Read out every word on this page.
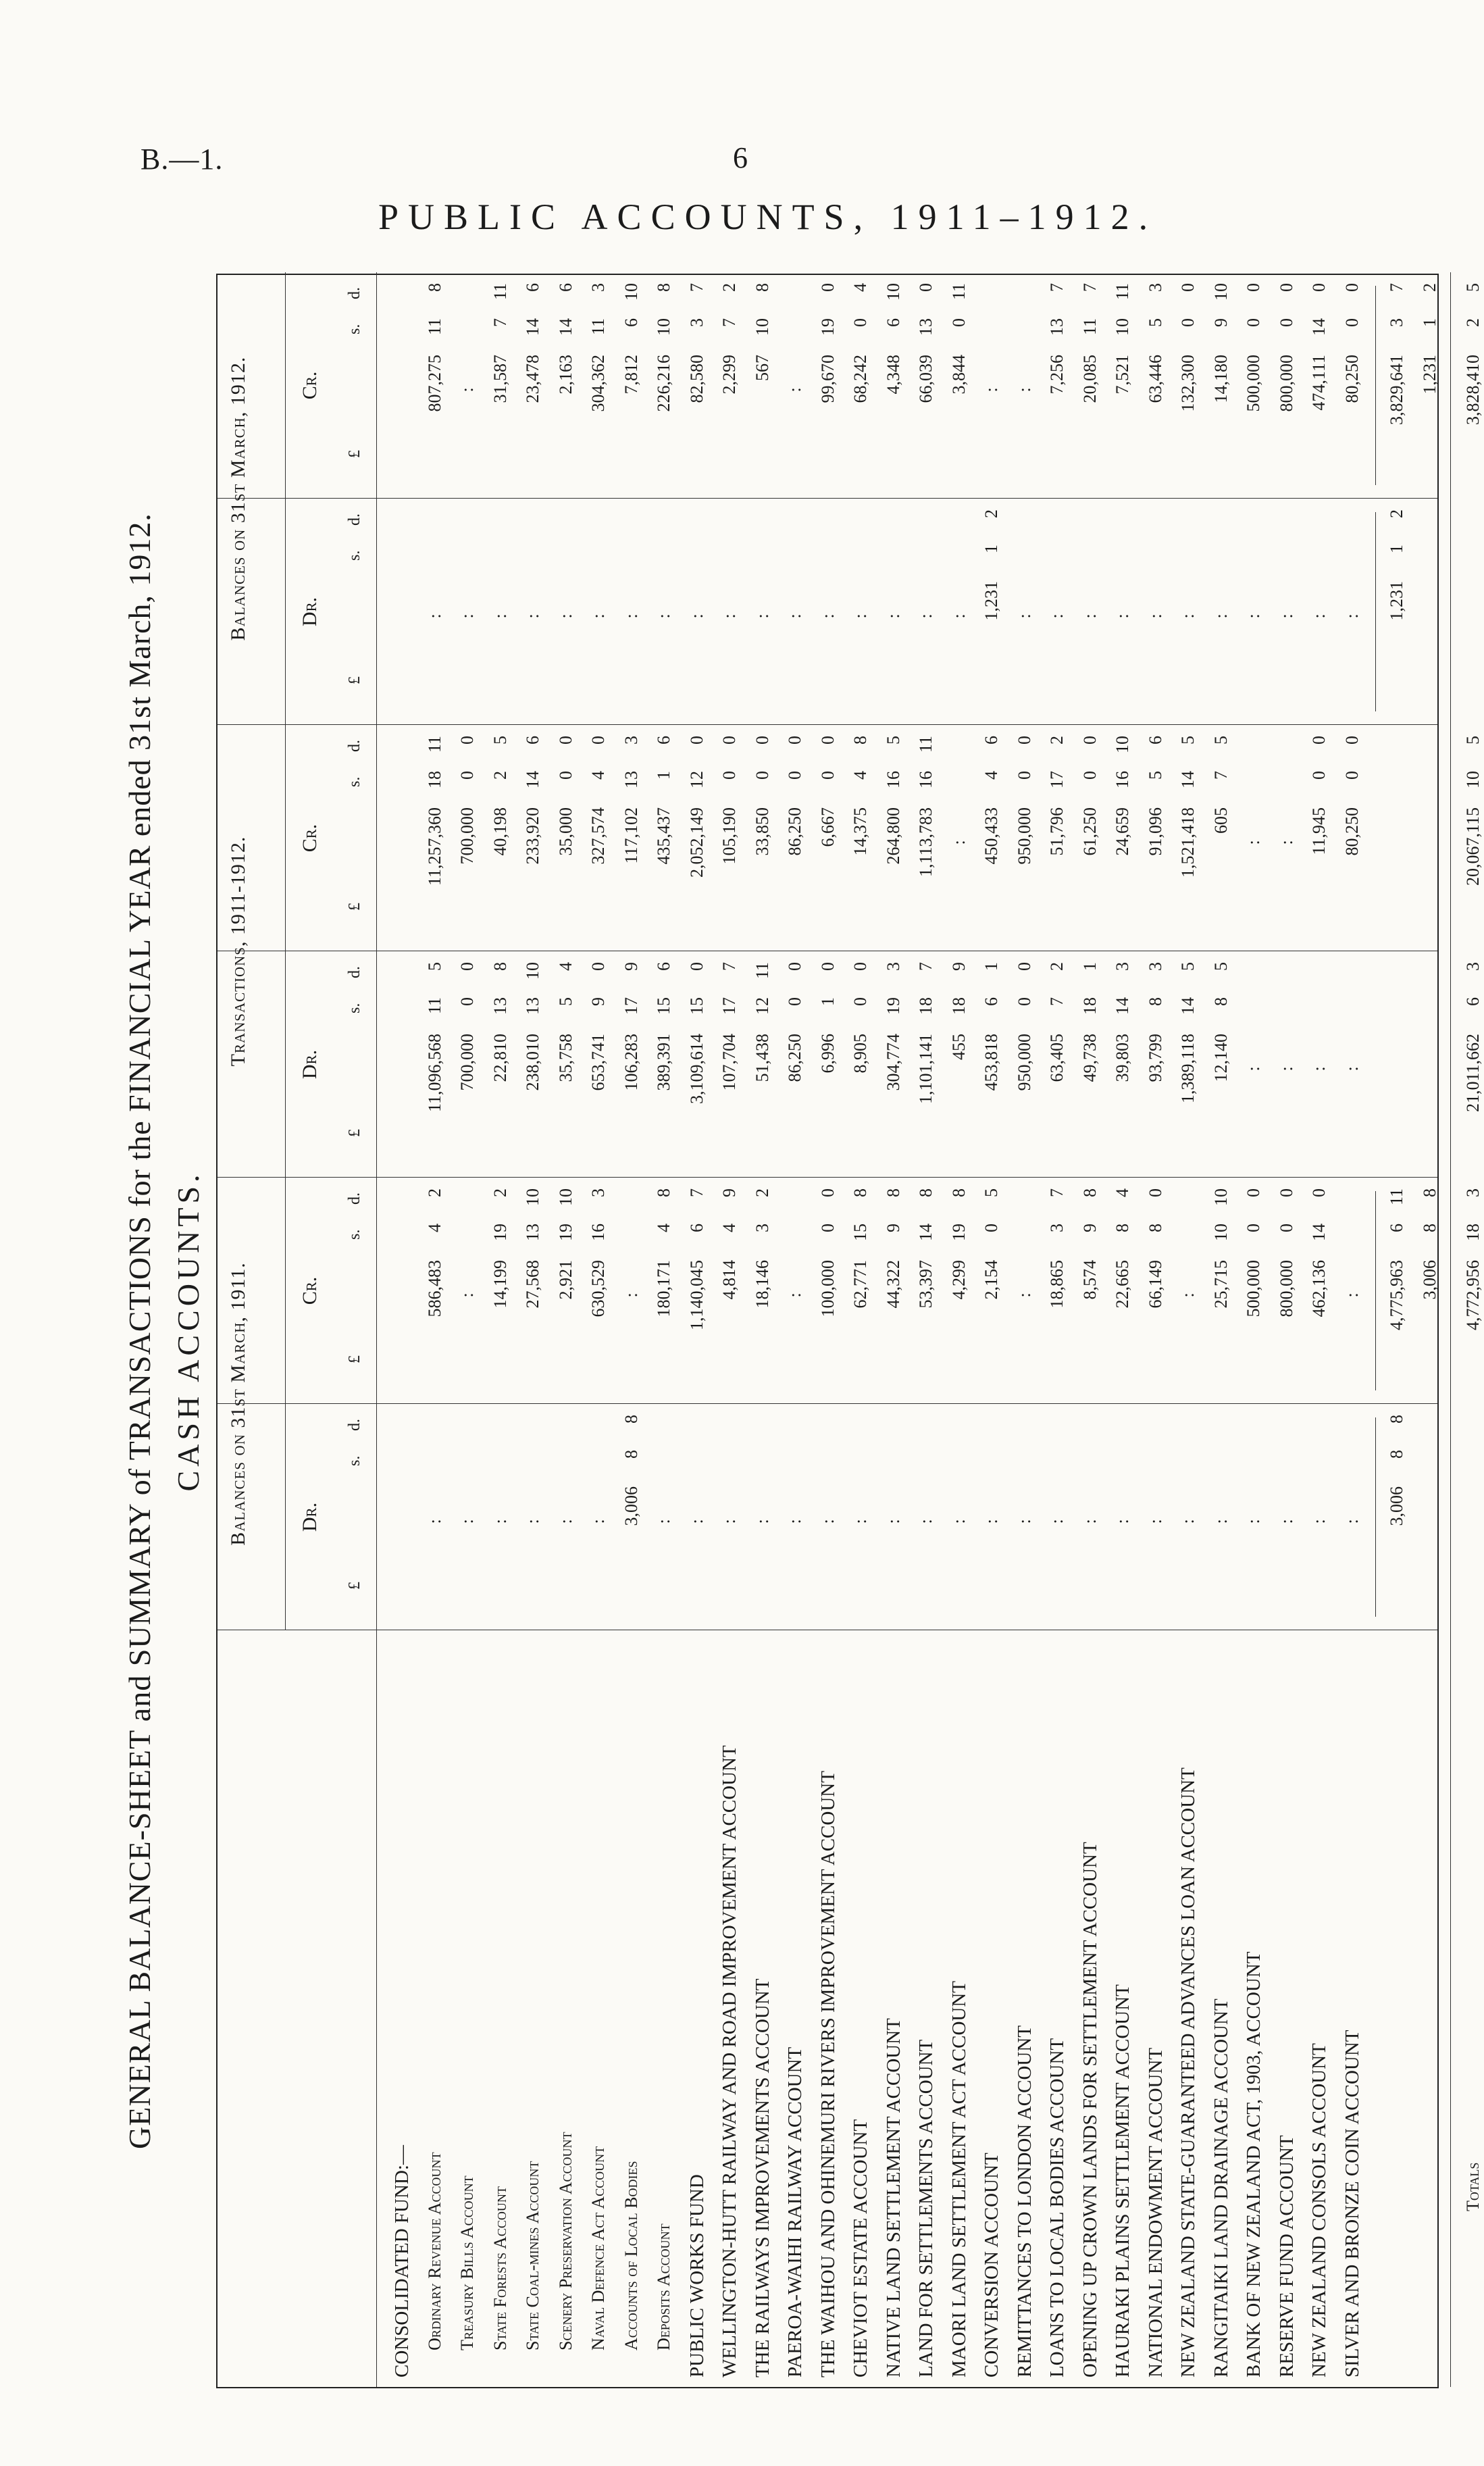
B.—1.	6
PUBLIC ACCOUNTS, 1911–1912.
GENERAL BALANCE-SHEET and SUMMARY of TRANSACTIONS for the FINANCIAL YEAR ended 31st March, 1912. CASH ACCOUNTS. Balances on 31st March, 1911.
Transactions, 1911-1912.
Balances on 31st March, 1912.
Dr.
Cr.
Dr.
Cr.
Dr.
Cr.
£
s.
d.
£
s.
d.
£
s.
d.
£
s.
d.
£
s.
d.
£
s.
d.
CONSOLIDATED FUND:— Ordinary Revenue Account
:
586,483
4
2
11,096,568
11
5
11,257,360
18
11
:
807,275
11
8
Treasury Bills Account
:
:
700,000
0
0
700,000
0
0
:
:
State Forests Account
:
14,199
19
2
22,810
13
8
40,198
2
5
:
31,587
7
11
State Coal-mines Account
:
27,568
13
10
238,010
13
10
233,920
14
6
:
23,478
14
6
Scenery Preservation Account
:
2,921
19
10
35,758
5
4
35,000
0
0
:
2,163
14
6
Naval Defence Act Account
:
630,529
16
3
653,741
9
0
327,574
4
0
:
304,362
11
3
Accounts of Local Bodies
3,006
8
8
:
106,283
17
9
117,102
13
3
:
7,812
6
10
Deposits Account
:
180,171
4
8
389,391
15
6
435,437
1
6
:
226,216
10
8
PUBLIC WORKS FUND
:
1,140,045
6
7
3,109,614
15
0
2,052,149
12
0
:
82,580
3
7
WELLINGTON-HUTT RAILWAY AND ROAD IMPROVEMENT ACCOUNT
:
4,814
4
9
107,704
17
7
105,190
0
0
:
2,299
7
2
THE RAILWAYS IMPROVEMENTS ACCOUNT
:
18,146
3
2
51,438
12
11
33,850
0
0
:
567
10
8
PAEROA-WAIHI RAILWAY ACCOUNT
:
:
86,250
0
0
86,250
0
0
:
:
THE WAIHOU AND OHINEMURI RIVERS IMPROVEMENT ACCOUNT
:
100,000
0
0
6,996
1
0
6,667
0
0
:
99,670
19
0
CHEVIOT ESTATE ACCOUNT
:
62,771
15
8
8,905
0
0
14,375
4
8
:
68,242
0
4
NATIVE LAND SETTLEMENT ACCOUNT
:
44,322
9
8
304,774
19
3
264,800
16
5
:
4,348
6
10
LAND FOR SETTLEMENTS ACCOUNT
:
53,397
14
8
1,101,141
18
7
1,113,783
16
11
:
66,039
13
0
MAORI LAND SETTLEMENT ACT ACCOUNT
:
4,299
19
8
455
18
9
:
:
3,844
0
11
CONVERSION ACCOUNT
:
2,154
0
5
453,818
6
1
450,433
4
6
1,231
1
2
:
REMITTANCES TO LONDON ACCOUNT
:
:
950,000
0
0
950,000
0
0
:
:
LOANS TO LOCAL BODIES ACCOUNT
:
18,865
3
7
63,405
7
2
51,796
17
2
:
7,256
13
7
OPENING UP CROWN LANDS FOR SETTLEMENT ACCOUNT
:
8,574
9
8
49,738
18
1
61,250
0
0
:
20,085
11
7
HAURAKI PLAINS SETTLEMENT ACCOUNT
:
22,665
8
4
39,803
14
3
24,659
16
10
:
7,521
10
11
NATIONAL ENDOWMENT ACCOUNT
:
66,149
8
0
93,799
8
3
91,096
5
6
:
63,446
5
3
NEW ZEALAND STATE-GUARANTEED ADVANCES LOAN ACCOUNT
:
:
1,389,118
14
5
1,521,418
14
5
:
132,300
0
0
RANGITAIKI LAND DRAINAGE ACCOUNT
:
25,715
10
10
12,140
8
5
605
7
5
:
14,180
9
10
BANK OF NEW ZEALAND ACT, 1903, ACCOUNT
:
500,000
0
0
:
:
:
500,000
0
0
RESERVE FUND ACCOUNT
:
800,000
0
0
:
:
:
800,000
0
0
NEW ZEALAND CONSOLS ACCOUNT
:
462,136
14
0
:
11,945
0
0
:
474,111
14
0
SILVER AND BRONZE COIN ACCOUNT
:
:
:
80,250
0
0
:
80,250
0
0
3,006
8
8
4,775,963
6
11
1,231
1
2
3,829,641
3
7
3,006
8
8
1,231
1
2
Totals
4,772,956
18
3
21,011,662
6
3
20,067,115
10
5
3,828,410
2
5
